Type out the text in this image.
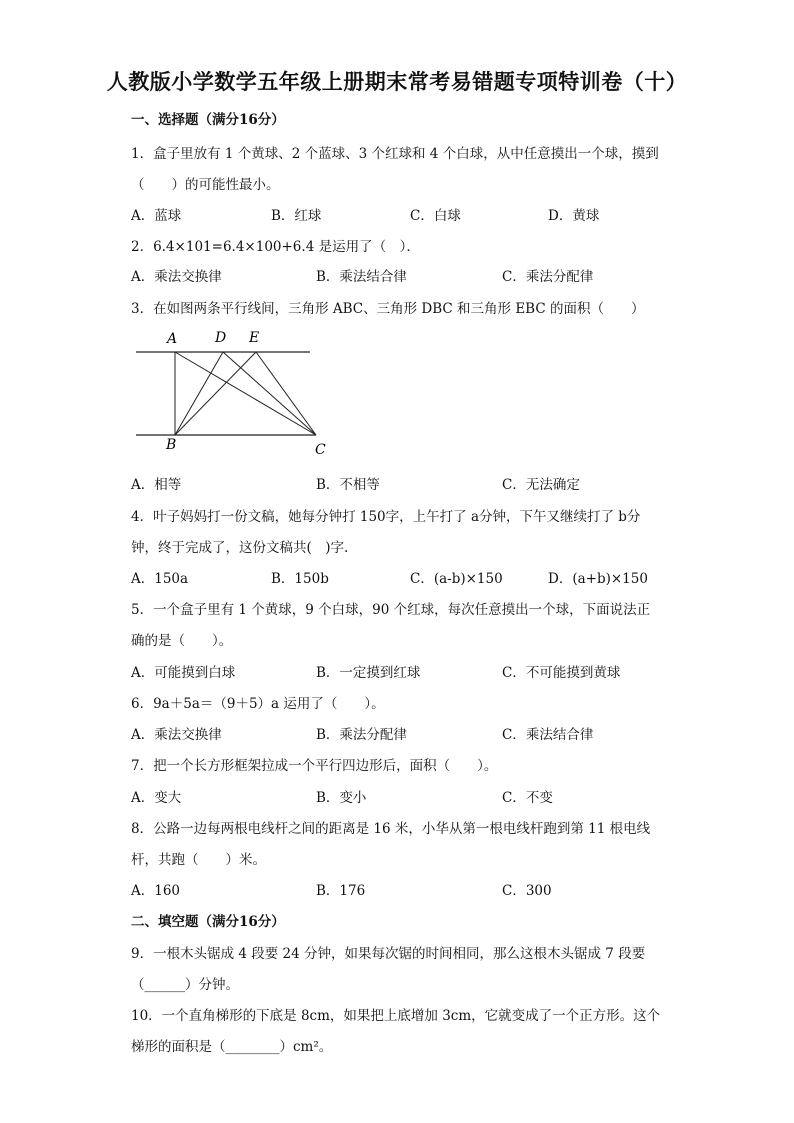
人教版小学数学五年级上册期末常考易错题专项特训卷（十）
一、选择题（满分16分）
1．盒子里放有 1 个黄球、2 个蓝球、3 个红球和 4 个白球，从中任意摸出一个球，摸到
（　　）的可能性最小。
A．蓝球	B．红球	C．白球	D．黄球
2．6.4×101=6.4×100+6.4 是运用了（　）．
A．乘法交换律	B．乘法结合律	C．乘法分配律
3．在如图两条平行线间，三角形 ABC、三角形 DBC 和三角形 EBC 的面积（　　）
A	D E
B	C
A．相等	B．不相等	C．无法确定
4．叶子妈妈打一份文稿，她每分钟打 150字，上午打了 a分钟，下午又继续打了 b分
钟，终于完成了，这份文稿共(　)字.
A．150a	B．150b	C．(a-b)×150	D．(a+b)×150
5．一个盒子里有 1 个黄球，9 个白球，90 个红球，每次任意摸出一个球，下面说法正
确的是（　　）。
A．可能摸到白球	B．一定摸到红球	C．不可能摸到黄球
6．9a＋5a＝（9＋5）a 运用了（　　）。
A．乘法交换律	B．乘法分配律	C．乘法结合律
7．把一个长方形框架拉成一个平行四边形后，面积（　　）。
A．变大	B．变小	C．不变
8．公路一边每两根电线杆之间的距离是 16 米，小华从第一根电线杆跑到第 11 根电线
杆，共跑（　　）米。
A．160	B．176	C．300
二、填空题（满分16分）
9．一根木头锯成 4 段要 24 分钟，如果每次锯的时间相同，那么这根木头锯成 7 段要
（______）分钟。
10．一个直角梯形的下底是 8cm，如果把上底增加 3cm，它就变成了一个正方形。这个
梯形的面积是（________）cm²。
